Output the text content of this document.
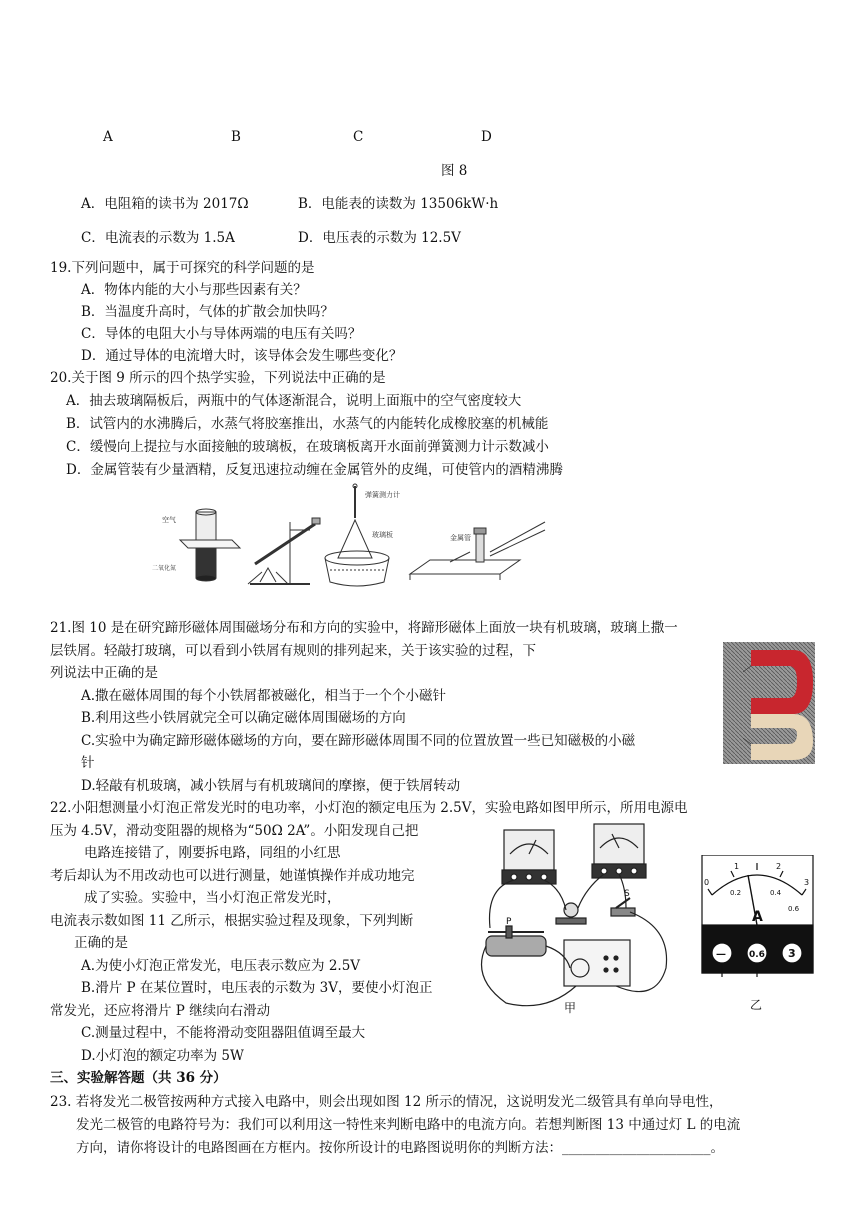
A	B	C	D
图 8
A．电阻箱的读书为 2017Ω	B．电能表的读数为 13506kW·h
C．电流表的示数为 1.5A	D．电压表的示数为 12.5V
19.下列问题中，属于可探究的科学问题的是
A．物体内能的大小与那些因素有关？
B．当温度升高时，气体的扩散会加快吗？
C．导体的电阻大小与导体两端的电压有关吗？
D．通过导体的电流增大时，该导体会发生哪些变化？
20.关于图 9 所示的四个热学实验，下列说法中正确的是
A．抽去玻璃隔板后，两瓶中的气体逐渐混合，说明上面瓶中的空气密度较大
B．试管内的水沸腾后，水蒸气将胶塞推出，水蒸气的内能转化成橡胶塞的机械能
C．缓慢向上提拉与水面接触的玻璃板，在玻璃板离开水面前弹簧测力计示数减小
D．金属管装有少量酒精，反复迅速拉动缠在金属管外的皮绳，可使管内的酒精沸腾
空气
二氧化氮
弹簧测力计
玻璃板	金属管
21.图 10 是在研究蹄形磁体周围磁场分布和方向的实验中，将蹄形磁体上面放一块有机玻璃，玻璃上撒一
层铁屑。轻敲打玻璃，可以看到小铁屑有规则的排列起来，关于该实验的过程，下
列说法中正确的是
A.撒在磁体周围的每个小铁屑都被磁化，相当于一个个小磁针
B.利用这些小铁屑就完全可以确定磁体周围磁场的方向
C.实验中为确定蹄形磁体磁场的方向，要在蹄形磁体周围不同的位置放置一些已知磁极的小磁
针
D.轻敲有机玻璃，减小铁屑与有机玻璃间的摩擦，便于铁屑转动
22.小阳想测量小灯泡正常发光时的电功率，小灯泡的额定电压为 2.5V，实验电路如图甲所示，所用电源电
压为 4.5V，滑动变阻器的规格为“50Ω 2A”。小阳发现自己把
电路连接错了，刚要拆电路，同组的小红思
考后却认为不用改动也可以进行测量，她谨慎操作并成功地完
成了实验。实验中，当小灯泡正常发光时，
电流表示数如图 11 乙所示，根据实验过程及现象，下列判断
正确的是
A.为使小灯泡正常发光，电压表示数应为 2.5V
B.滑片 P 在某位置时，电压表的示数为 3V，要使小灯泡正
常发光，还应将滑片 P 继续向右滑动
C.测量过程中，不能将滑动变阻器阻值调至最大
D.小灯泡的额定功率为 5W
P
S
甲
0
1	2
3
0.2	0.4
0.6
A
—	0.6 3
乙
三、实验解答题（共 36 分）
23. 若将发光二极管按两种方式接入电路中，则会出现如图 12 所示的情况，这说明发光二级管具有单向导电性，
发光二极管的电路符号为：我们可以利用这一特性来判断电路中的电流方向。若想判断图 13 中通过灯 L 的电流
方向，请你将设计的电路图画在方框内。按你所设计的电路图说明你的判断方法：______________________。
